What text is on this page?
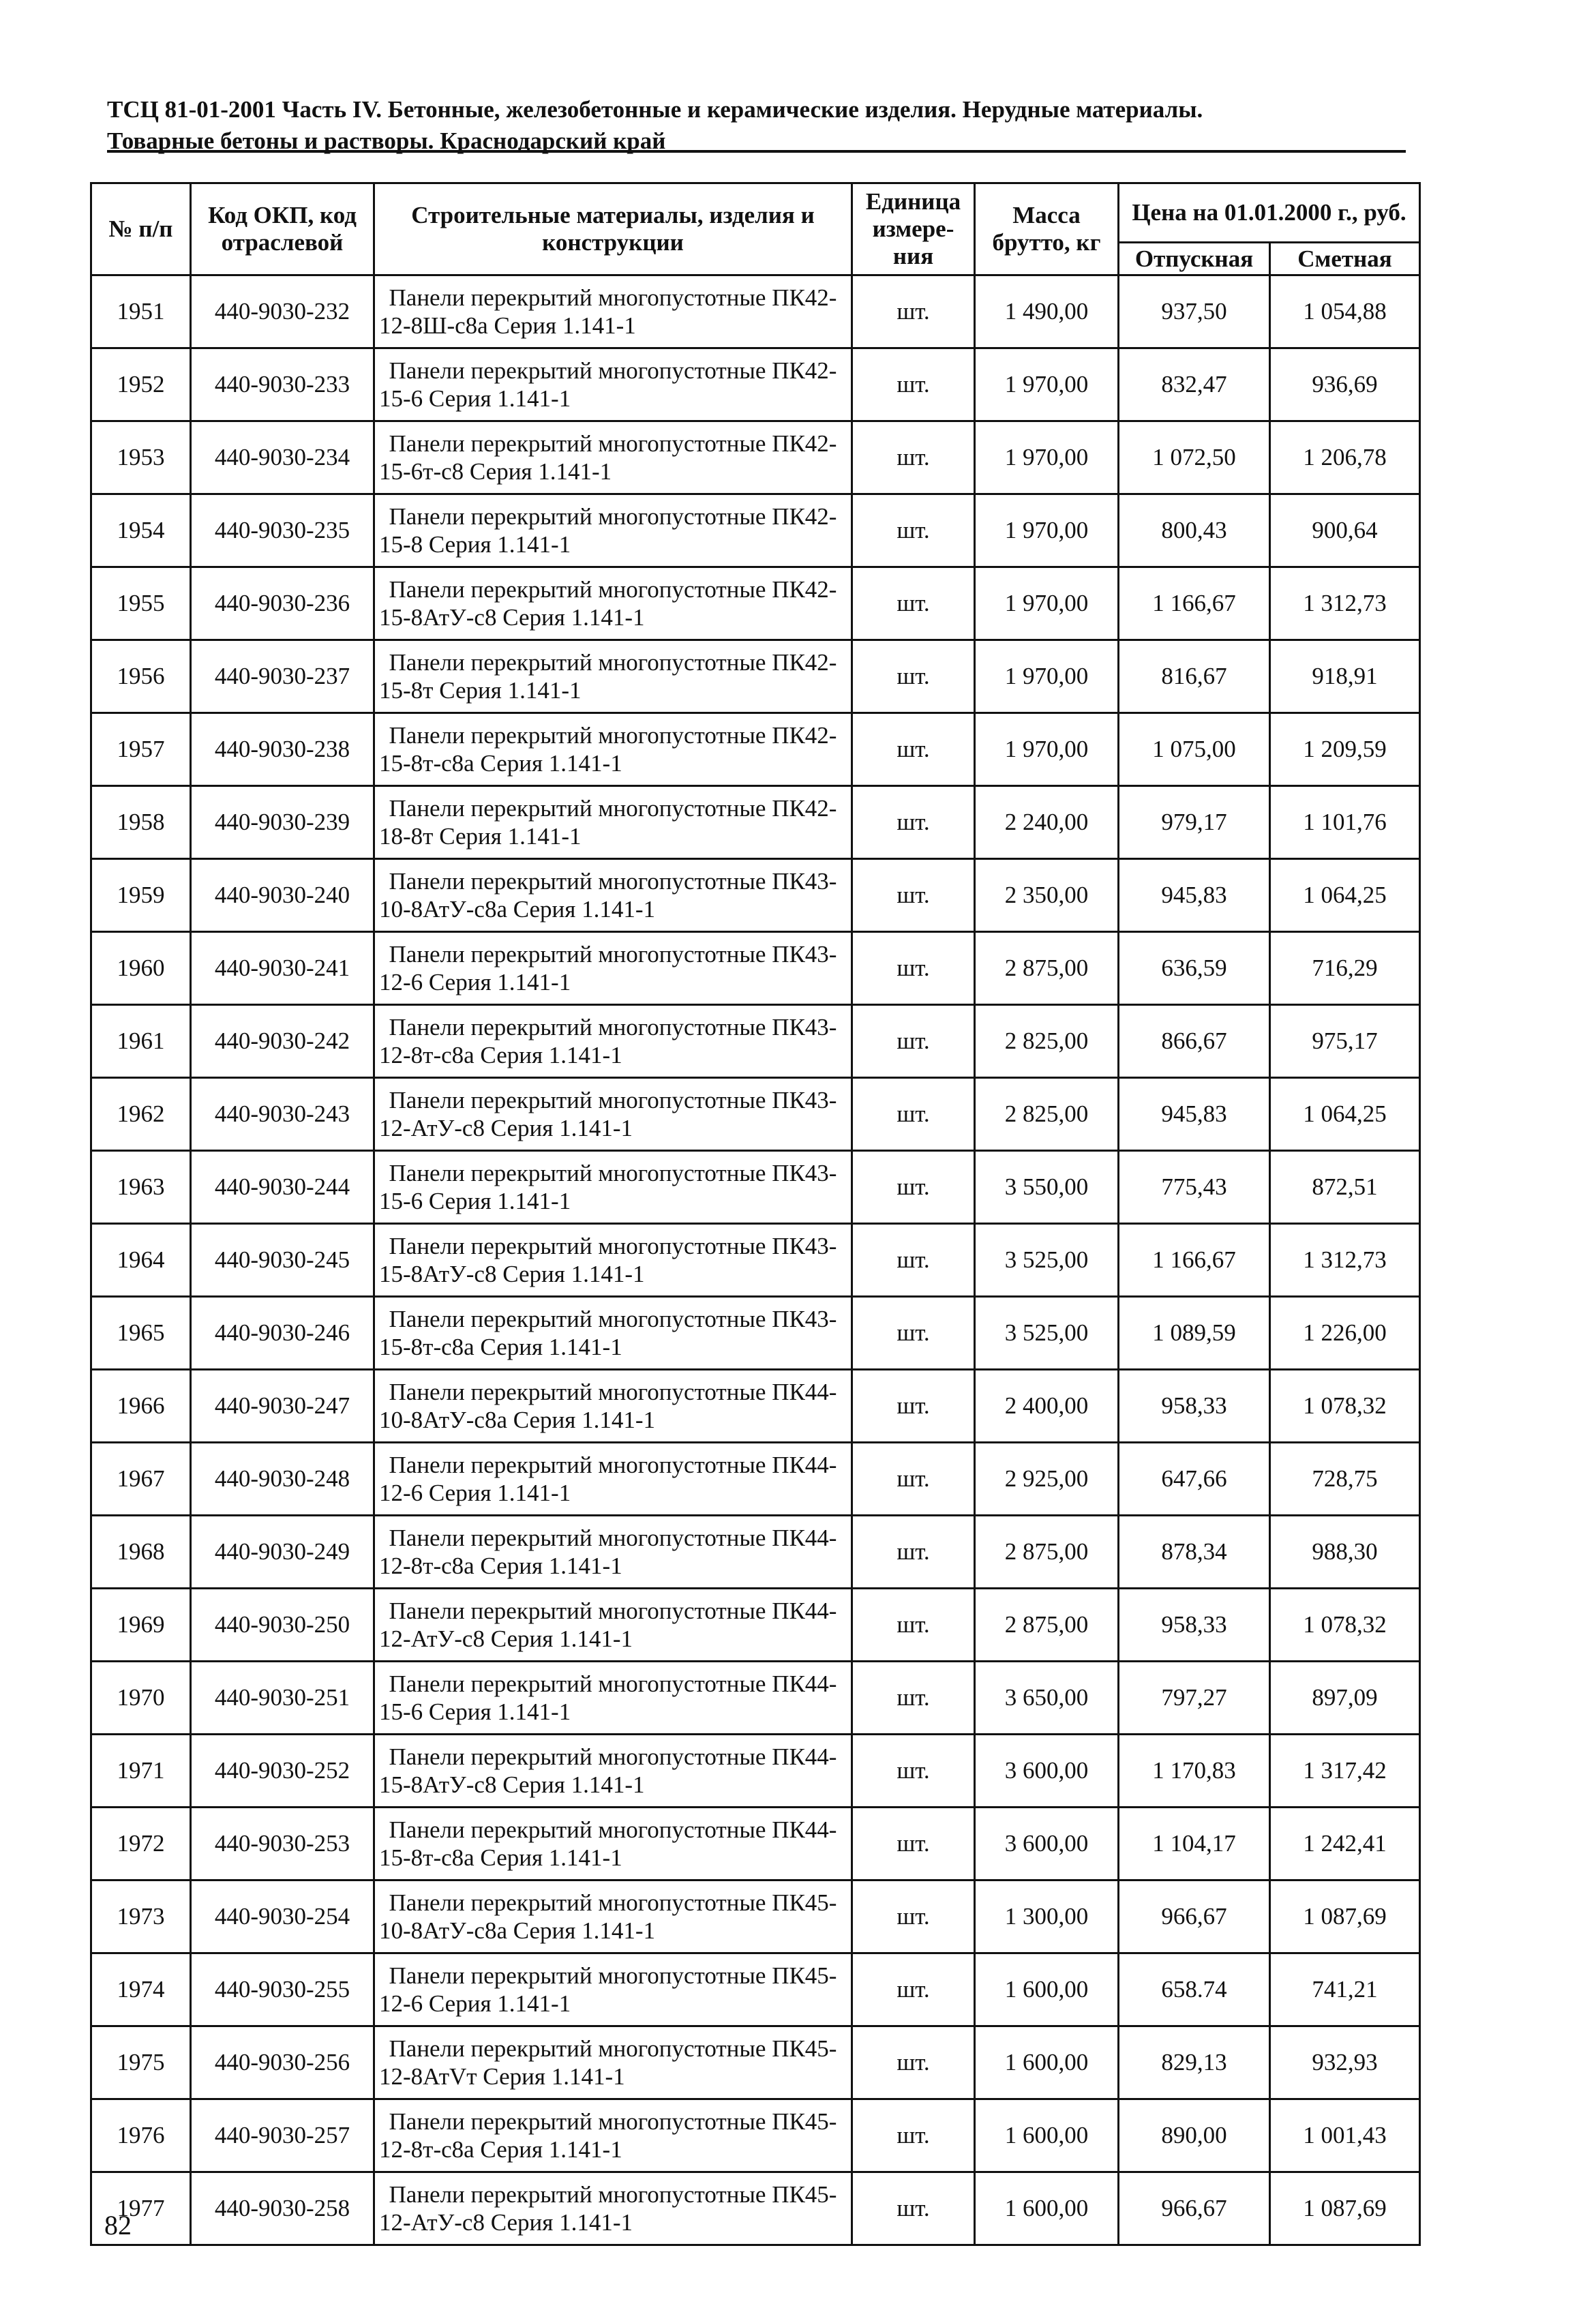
ТСЦ 81-01-2001 Часть IV. Бетонные, железобетонные и керамические изделия. Нерудные материалы.
Товарные бетоны и растворы. Краснодарский край
№ п/п	Код ОКП, код отраслевой	Строительные материалы, изделия и конструкции	Единица измере-ния	Масса брутто, кг	Цена на 01.01.2000 г., руб.	
					Отпускная	Сметная
1951	440-9030-232	Панели перекрытий многопустотные ПК42-12-8Ш-с8а Серия 1.141-1	шт.	1 490,00	937,50	1 054,88
1952	440-9030-233	Панели перекрытий многопустотные ПК42-15-6 Серия 1.141-1	шт.	1 970,00	832,47	936,69
1953	440-9030-234	Панели перекрытий многопустотные ПК42-15-6т-с8 Серия 1.141-1	шт.	1 970,00	1 072,50	1 206,78
1954	440-9030-235	Панели перекрытий многопустотные ПК42-15-8 Серия 1.141-1	шт.	1 970,00	800,43	900,64
1955	440-9030-236	Панели перекрытий многопустотные ПК42-15-8АтУ-с8 Серия 1.141-1	шт.	1 970,00	1 166,67	1 312,73
1956	440-9030-237	Панели перекрытий многопустотные ПК42-15-8т Серия 1.141-1	шт.	1 970,00	816,67	918,91
1957	440-9030-238	Панели перекрытий многопустотные ПК42-15-8т-с8а Серия 1.141-1	шт.	1 970,00	1 075,00	1 209,59
1958	440-9030-239	Панели перекрытий многопустотные ПК42-18-8т Серия 1.141-1	шт.	2 240,00	979,17	1 101,76
1959	440-9030-240	Панели перекрытий многопустотные ПК43-10-8АтУ-с8а Серия 1.141-1	шт.	2 350,00	945,83	1 064,25
1960	440-9030-241	Панели перекрытий многопустотные ПК43-12-6 Серия 1.141-1	шт.	2 875,00	636,59	716,29
1961	440-9030-242	Панели перекрытий многопустотные ПК43-12-8т-с8а Серия 1.141-1	шт.	2 825,00	866,67	975,17
1962	440-9030-243	Панели перекрытий многопустотные ПК43-12-АтУ-с8 Серия 1.141-1	шт.	2 825,00	945,83	1 064,25
1963	440-9030-244	Панели перекрытий многопустотные ПК43-15-6 Серия 1.141-1	шт.	3 550,00	775,43	872,51
1964	440-9030-245	Панели перекрытий многопустотные ПК43-15-8АтУ-с8 Серия 1.141-1	шт.	3 525,00	1 166,67	1 312,73
1965	440-9030-246	Панели перекрытий многопустотные ПК43-15-8т-с8а Серия 1.141-1	шт.	3 525,00	1 089,59	1 226,00
1966	440-9030-247	Панели перекрытий многопустотные ПК44-10-8АтУ-с8а Серия 1.141-1	шт.	2 400,00	958,33	1 078,32
1967	440-9030-248	Панели перекрытий многопустотные ПК44-12-6 Серия 1.141-1	шт.	2 925,00	647,66	728,75
1968	440-9030-249	Панели перекрытий многопустотные ПК44-12-8т-с8а Серия 1.141-1	шт.	2 875,00	878,34	988,30
1969	440-9030-250	Панели перекрытий многопустотные ПК44-12-АтУ-с8 Серия 1.141-1	шт.	2 875,00	958,33	1 078,32
1970	440-9030-251	Панели перекрытий многопустотные ПК44-15-6 Серия 1.141-1	шт.	3 650,00	797,27	897,09
1971	440-9030-252	Панели перекрытий многопустотные ПК44-15-8АтУ-с8 Серия 1.141-1	шт.	3 600,00	1 170,83	1 317,42
1972	440-9030-253	Панели перекрытий многопустотные ПК44-15-8т-с8а Серия 1.141-1	шт.	3 600,00	1 104,17	1 242,41
1973	440-9030-254	Панели перекрытий многопустотные ПК45-10-8АтУ-с8а Серия 1.141-1	шт.	1 300,00	966,67	1 087,69
1974	440-9030-255	Панели перекрытий многопустотные ПК45-12-6 Серия 1.141-1	шт.	1 600,00	658.74	741,21
1975	440-9030-256	Панели перекрытий многопустотные ПК45-12-8АтVт Серия 1.141-1	шт.	1 600,00	829,13	932,93
1976	440-9030-257	Панели перекрытий многопустотные ПК45-12-8т-с8а Серия 1.141-1	шт.	1 600,00	890,00	1 001,43
1977	440-9030-258	Панели перекрытий многопустотные ПК45-12-АтУ-с8 Серия 1.141-1	шт.	1 600,00	966,67	1 087,69
82
